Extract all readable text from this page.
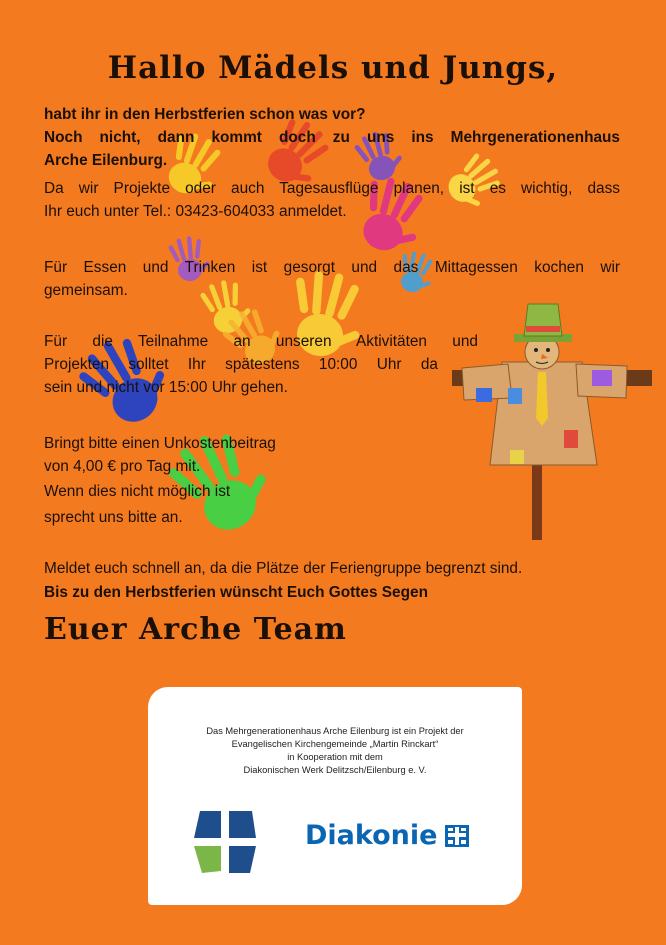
Hallo Mädels und Jungs,

habt ihr in den Herbstferien schon was vor?

Noch nicht, dann kommt doch zu uns ins Mehrgenerationenhaus

Arche Eilenburg.

Da wir Projekte oder auch Tagesausflüge planen, ist es wichtig, dass

Ihr euch unter Tel.: 03423-604033 anmeldet.

Für Essen und Trinken ist gesorgt und das Mittagessen kochen wir

gemeinsam.

Für die Teilnahme an unseren Aktivitäten und

Projekten solltet Ihr spätestens 10:00 Uhr da

sein und nicht vor 15:00 Uhr gehen.

Bringt bitte einen Unkostenbeitrag

von 4,00 € pro Tag mit.

Wenn dies nicht möglich ist

sprecht uns bitte an.

Meldet euch schnell an, da die Plätze der Feriengruppe begrenzt sind.

Bis zu den Herbstferien wünscht Euch Gottes Segen

Euer Arche Team

Das Mehrgenerationenhaus Arche Eilenburg ist ein Projekt der
Evangelischen Kirchengemeinde „Martin Rinckart“
in Kooperation mit dem
Diakonischen Werk Delitzsch/Eilenburg e. V.

Diakonie
